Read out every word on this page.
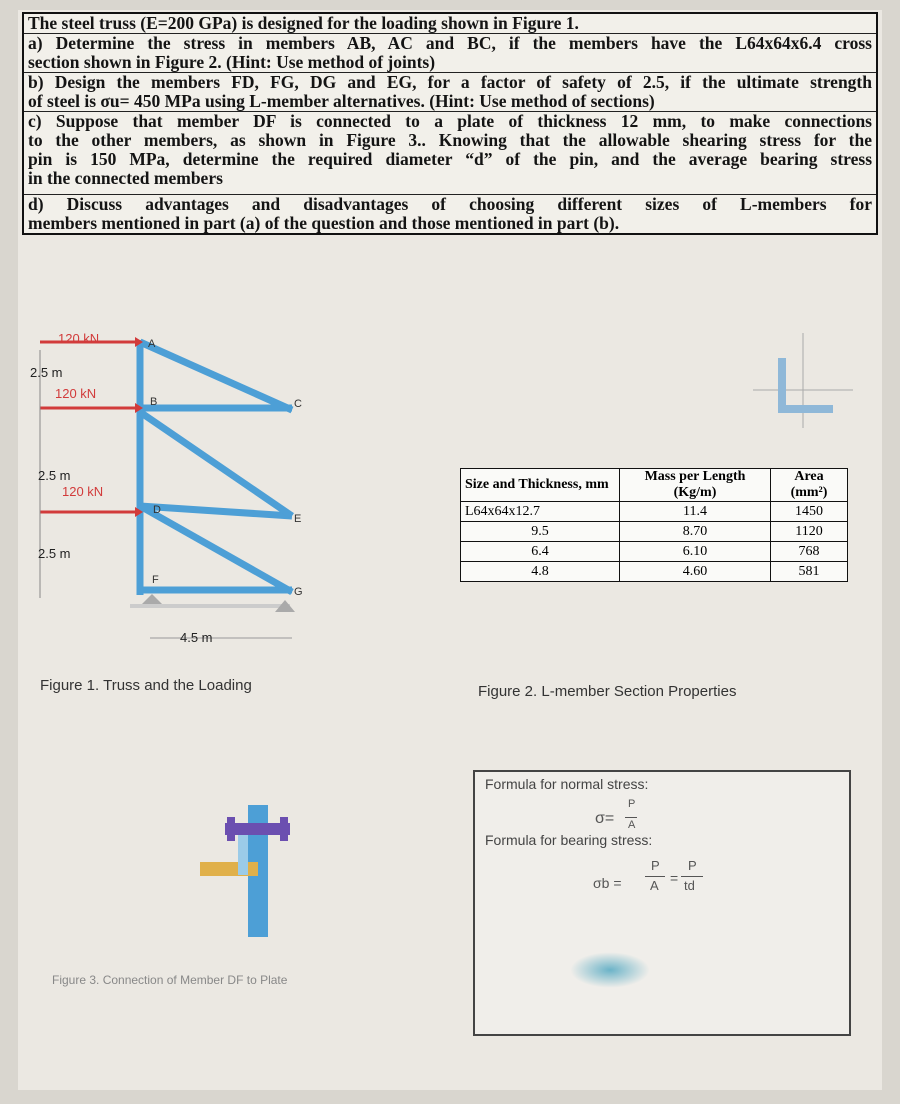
The steel truss (E=200 GPa) is designed for the loading shown in Figure 1.
a) Determine the stress in members AB, AC and BC, if the members have the L64x64x6.4 cross
section shown in Figure 2. (Hint: Use method of joints)
b) Design the members FD, FG, DG and EG, for a factor of safety of 2.5, if the ultimate strength
of steel is σu= 450 MPa using L-member alternatives. (Hint: Use method of sections)
c) Suppose that member DF is connected to a plate of thickness 12 mm, to make connections
to the other members, as shown in Figure 3.. Knowing that the allowable shearing stress for the
pin is 150 MPa, determine the required diameter “d” of the pin, and the average bearing stress
in the connected members
d) Discuss advantages and disadvantages of choosing different sizes of L-members for
members mentioned in part (a) of the question and those mentioned in part (b).
120 kN
2.5 m
120 kN
2.5 m
120 kN
2.5 m
4.5 m
A
B	C
D
E
F
G
Figure 1. Truss and the Loading
Size and Thickness, mm	Mass per Length (Kg/m)	Area (mm²)
L64x64x12.7	11.4	1450
9.5	8.70	1120
6.4	6.10	768
4.8	4.60	581
Figure 2. L-member Section Properties
Figure 3. Connection of Member DF to Plate
Formula for normal stress:
σ=
P
A
Formula for bearing stress:
σb =
P
A =
P
td
